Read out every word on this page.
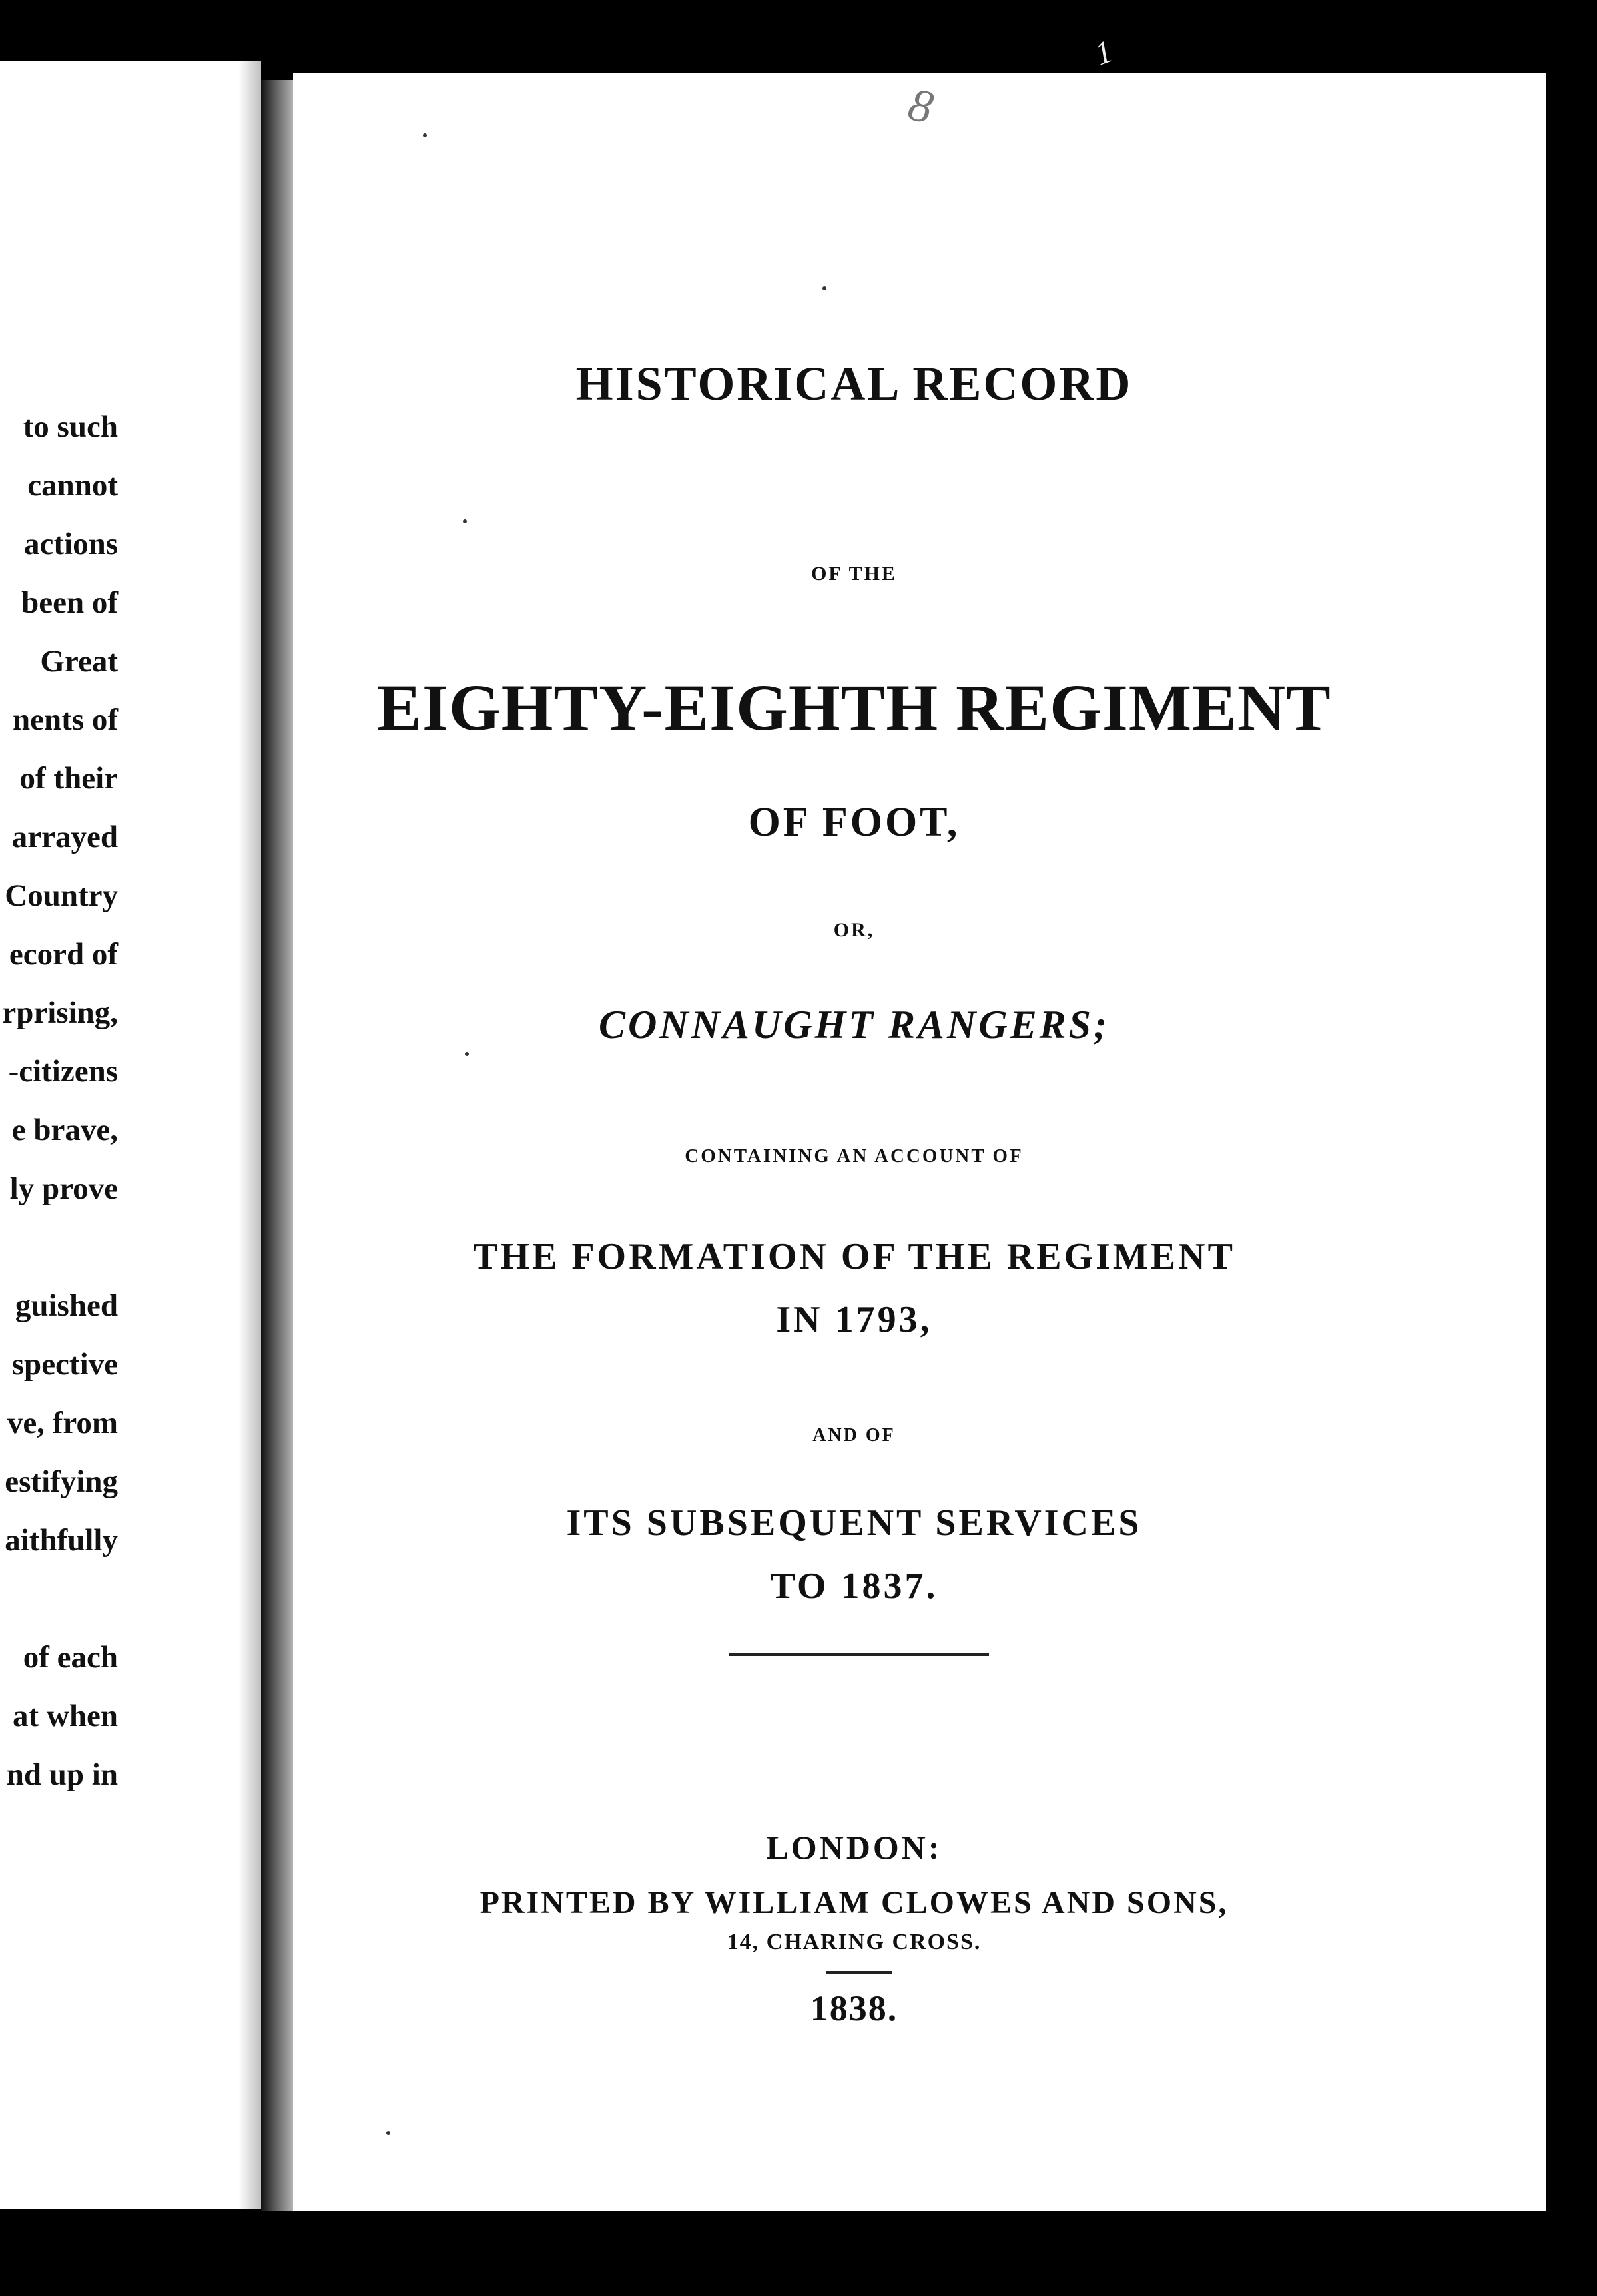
to such
cannot
actions
been of
Great
nents of
of their
arrayed
Country
ecord of
rprising,
-citizens
e brave,
ly prove
guished
spective
ve, from
estifying
aithfully
of each
at when
nd up in
8
HISTORICAL RECORD
OF THE
EIGHTY-EIGHTH REGIMENT
OF FOOT,
OR,
CONNAUGHT RANGERS;
CONTAINING AN ACCOUNT OF
THE FORMATION OF THE REGIMENT
IN 1793,
AND OF
ITS SUBSEQUENT SERVICES
TO 1837.
LONDON:
PRINTED BY WILLIAM CLOWES AND SONS,
14, CHARING CROSS.
1838.
1
